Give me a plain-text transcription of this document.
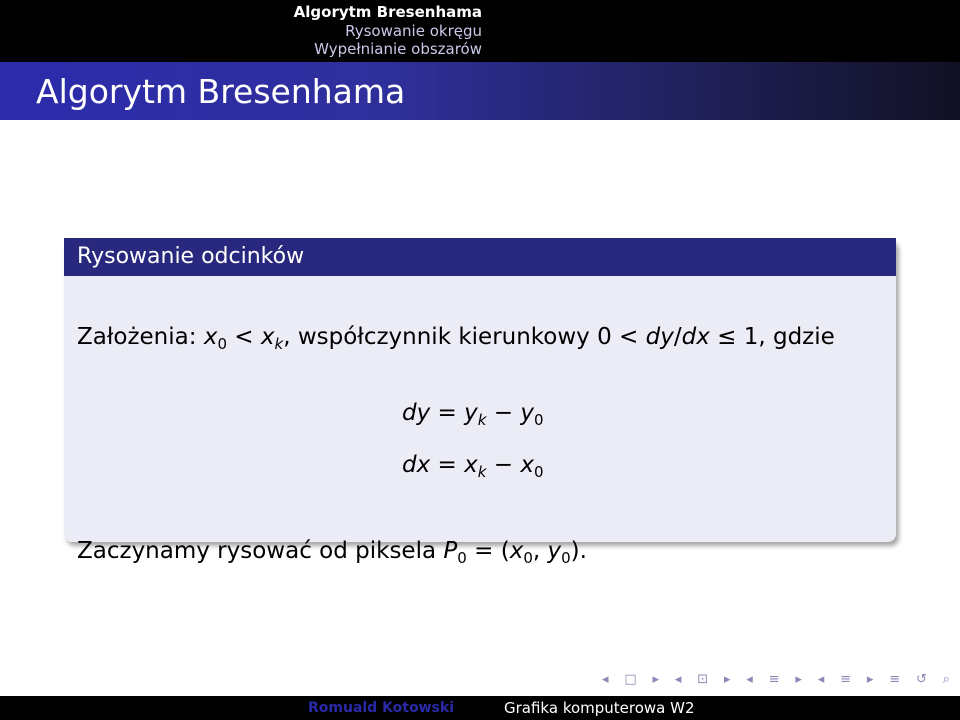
Algorytm Bresenhama
Rysowanie okręgu
Wypełnianie obszarów
Algorytm Bresenhama
Rysowanie odcinków
Założenia: $x_0 < x_k$, współczynnik kierunkowy 0 < dy/dx ≤ 1, gdzie
dy = $y_k - y_0$
dx = $x_k - x_0$
Zaczynamy rysować od piksela $P_0 = (x_0$, $y_0$).
◂ □ ▸ ◂ ⊡ ▸ ◂ ≡ ▸ ◂ ≡ ▸ ≡ ↺ ⌕
Romuald Kotowski	Grafika komputerowa W2
